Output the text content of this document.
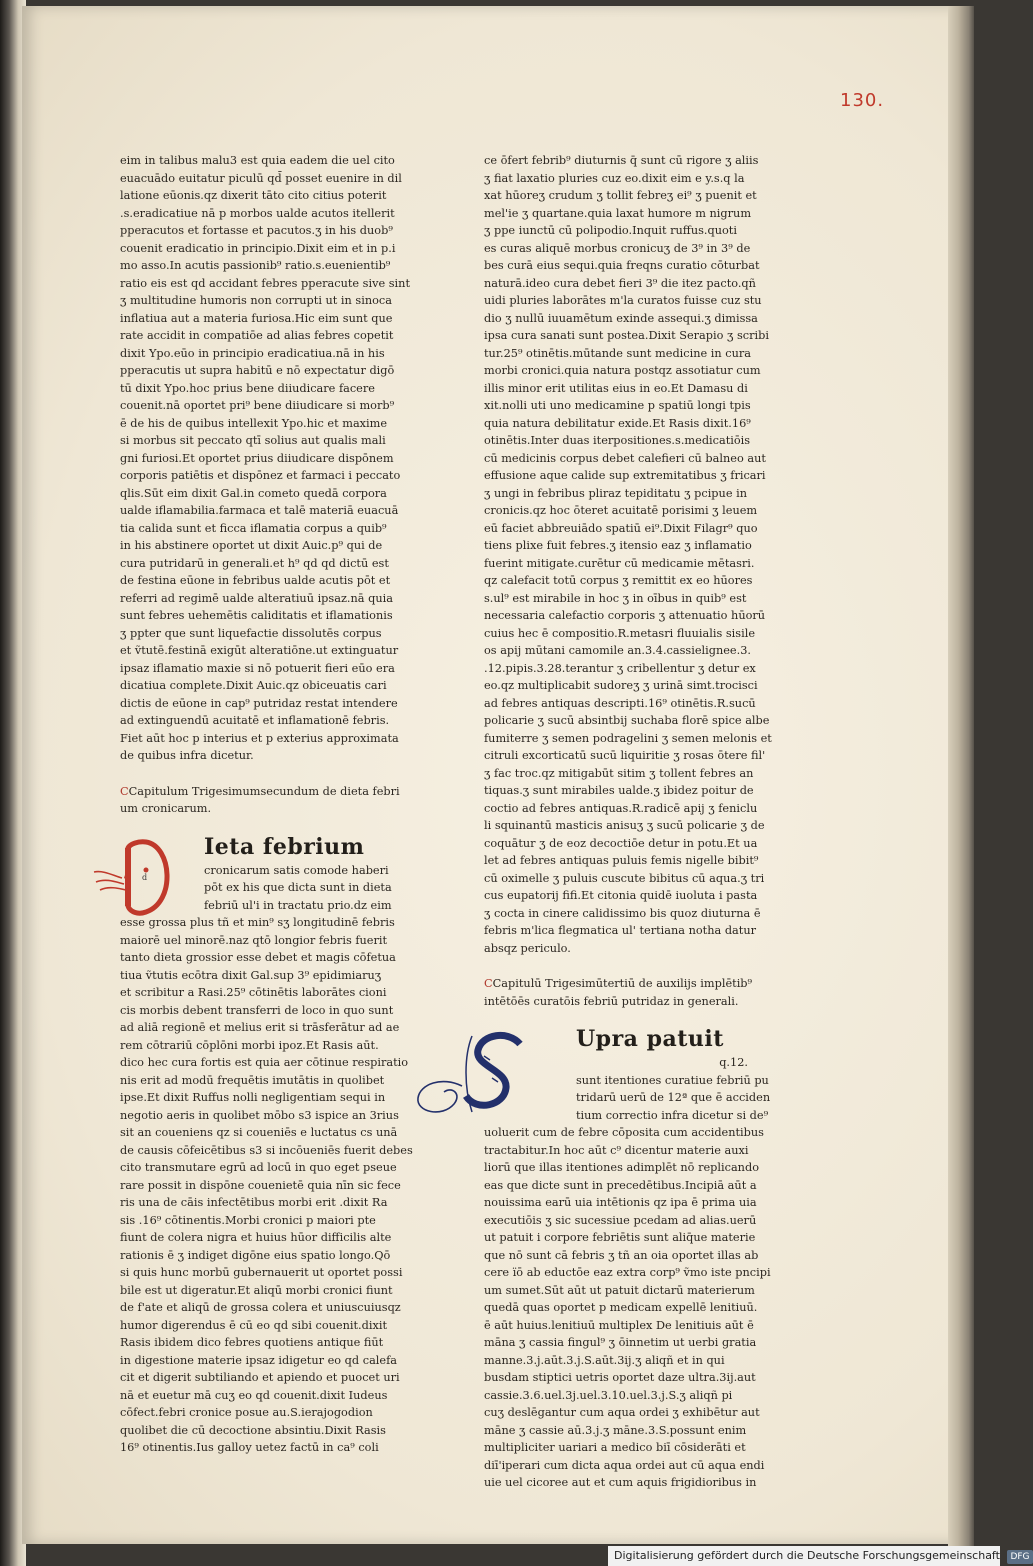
130.
eim in talibus malu3 est quia eadem die uel cito
euacuādo euitatur piculū qd̄ posset euenire in dil
latione eūonis.qz dixerit tāto cito citius poterit
.s.eradicatiue nā p morbos ualde acutos itellerit
pperacutos et fortasse et pacutos.ʒ in his duob⁹
couenit eradicatio in principio.Dixit eim et in p.i
mo asso.In acutis passionib⁹ ratio.s.euenientib⁹
ratio eis est qd accidant febres pperacute sive sint
ʒ multitudine humoris non corrupti ut in sinoca
inflatiua aut a materia furiosa.Hic eim sunt que
rate accidit in compatiōe ad alias febres copetit
dixit Ypo.eūo in principio eradicatiua.nā in his
pperacutis ut supra habitū e nō expectatur digō
tū dixit Ypo.hoc prius bene diiudicare facere
couenit.nā oportet pri⁹ bene diiudicare si morb⁹
ē de his de quibus intellexit Ypo.hic et maxime
si morbus sit peccato qtī solius aut qualis mali
gni furiosi.Et oportet prius diiudicare dispōnem
corporis patiētis et dispōnez et farmaci i peccato
qlis.Sūt eim dixit Gal.in cometo quedā corpora
ualde iflamabilia.farmaca et talē materiā euacuā
tia calida sunt et ficca iflamatia corpus a quib⁹
in his abstinere oportet ut dixit Auic.p⁹ qui de
cura putridarū in generali.et h⁹ qd qd dictū est
de festina eūone in febribus ualde acutis pōt et
referri ad regimē ualde alteratiuū ipsaz.nā quia
sunt febres uehemētis caliditatis et iflamationis
ʒ ppter que sunt liquefactie dissolutēs corpus
et ṽtutē.festinā exigūt alteratiōne.ut extinguatur
ipsaz iflamatio maxie si nō potuerit fieri eūo era
dicatiua complete.Dixit Auic.qz obiceuatis cari
dictis de eūone in cap⁹ putridaz restat intendere
ad extinguendū acuitatē et inflamationē febris.
Fiet aūt hoc p interius et p exterius approximata
de quibus infra dicetur.
CCapitulum Trigesimumsecundum de dieta febri
um cronicarum.
d
Ieta febrium
cronicarum satis comode haberi
pōt ex his que dicta sunt in dieta
febriū ul'i in tractatu prio.dz eim
esse grossa plus tñ et min⁹ sʒ longitudinē febris
maiorē uel minorē.naz qtō longior febris fuerit
tanto dieta grossior esse debet et magis cōfetua
tiua ṽtutis ecōtra dixit Gal.sup 3⁹ epidimiaruʒ
et scribitur a Rasi.25⁹ cōtinētis laborātes cioni
cis morbis debent transferri de loco in quo sunt
ad aliā regionē et melius erit si trāsferātur ad ae
rem cōtrariū cōplōni morbi ipoz.Et Rasis aūt.
dico hec cura fortis est quia aer cōtinue respiratio
nis erit ad modū frequētis imutātis in quolibet
ipse.Et dixit Ruffus nolli negligentiam sequi in
negotio aeris in quolibet mōbo s3 ispice an 3rius
sit an coueniens qz si coueniēs e luctatus cs unā
de causis cōfeicētibus s3 si incōueniēs fuerit debes
cito transmutare egrū ad locū in quo eget pseue
rare possit in dispōne couenietē quia nīn sic fece
ris una de cāis infectētibus morbi erit .dixit Ra
sis .16⁹ cōtinentis.Morbi cronici p maiori pte
fiunt de colera nigra et huius hūor difficilis alte
rationis ē ʒ indiget digōne eius spatio longo.Qō
si quis hunc morbū gubernauerit ut oportet possi
bile est ut digeratur.Et aliqū morbi cronici fiunt
de f'ate et aliqū de grossa colera et uniuscuiusqz
humor digerendus ē cū eo qd sibi couenit.dixit
Rasis ibidem dico febres quotiens antique fiūt
in digestione materie ipsaz idigetur eo qd calefa
cit et digerit subtiliando et apiendo et puocet uri
nā et euetur mā cuʒ eo qd couenit.dixit Iudeus
cōfect.febri cronice posue au.S.ierajogodion
quolibet die cū decoctione absintiu.Dixit Rasis
16⁹ otinentis.Ius galloy uetez factū in ca⁹ coli
ce ōfert febrib⁹ diuturnis q̄ sunt cū rigore ʒ aliis
ʒ fiat laxatio pluries cuz eo.dixit eim e y.s.q la
xat hūoreʒ crudum ʒ tollit febreʒ ei⁹ ʒ puenit et
mel'ie ʒ quartane.quia laxat humore m nigrum
ʒ ppe iunctū cū polipodio.Inquit ruffus.quoti
es curas aliquē morbus cronicuʒ de 3⁹ in 3⁹ de
bes curā eius sequi.quia freqns curatio cōturbat
naturā.ideo cura debet fieri 3⁹ die itez pacto.qñ
uidi pluries laborātes m'la curatos fuisse cuz stu
dio ʒ nullū iuuamētum exinde assequi.ʒ dimissa
ipsa cura sanati sunt postea.Dixit Serapio ʒ scribi
tur.25⁹ otinētis.mūtande sunt medicine in cura
morbi cronici.quia natura postqz assotiatur cum
illis minor erit utilitas eius in eo.Et Damasu di
xit.nolli uti uno medicamine p spatiū longi tpis
quia natura debilitatur exide.Et Rasis dixit.16⁹
otinētis.Inter duas iterpositiones.s.medicatiōis
cū medicinis corpus debet calefieri cū balneo aut
effusione aque calide sup extremitatibus ʒ fricari
ʒ ungi in febribus pliraz tepiditatu ʒ pcipue in
cronicis.qz hoc ōteret acuitatē porisimi ʒ leuem
eū faciet abbreuiādo spatiū ei⁹.Dixit Filagr⁹ quo
tiens plixe fuit febres.ʒ itensio eaz ʒ inflamatio
fuerint mitigate.curētur cū medicamie mētasri.
qz calefacit totū corpus ʒ remittit ex eo hūores
s.ul⁹ est mirabile in hoc ʒ in oībus in quib⁹ est
necessaria calefactio corporis ʒ attenuatio hūorū
cuius hec ē compositio.R.metasri fluuialis sisile
os apij mūtani camomile an.3.4.cassielignee.3.
.12.pipis.3.28.terantur ʒ cribellentur ʒ detur ex
eo.qz multiplicabit sudoreʒ ʒ urinā simt.trocisci
ad febres antiquas descripti.16⁹ otinētis.R.sucū
policarie ʒ sucū absintbij suchaba florē spice albe
fumiterre ʒ semen podragelini ʒ semen melonis et
citruli excorticatū sucū liquiritie ʒ rosas ōtere fil'
ʒ fac troc.qz mitigabūt sitim ʒ tollent febres an
tiquas.ʒ sunt mirabiles ualde.ʒ ibidez poitur de
coctio ad febres antiquas.R.radicē apij ʒ feniclu
li squinantū masticis anisuʒ ʒ sucū policarie ʒ de
coquātur ʒ de eoz decoctiōe detur in potu.Et ua
let ad febres antiquas puluis femis nigelle bibit⁹
cū oximelle ʒ puluis cuscute bibitus cū aqua.ʒ tri
cus eupatorij fifi.Et citonia quidē iuoluta i pasta
ʒ cocta in cinere calidissimo bis quoz diuturna ē
febris m'lica flegmatica ul' tertiana notha datur
absqz periculo.
CCapitulū Trigesimūtertiū de auxilijs implētib⁹
intētōēs curatōis febriū putridaz in generali.
Upra patuit
q.12.
sunt itentiones curatiue febriū pu
tridarū uerū de 12ª que ē acciden
tium correctio infra dicetur si de⁹
uoluerit cum de febre cōposita cum accidentibus
tractabitur.In hoc aūt c⁹ dicentur materie auxi
liorū que illas itentiones adimplēt nō replicando
eas que dicte sunt in precedētibus.Incipiā aūt a
nouissima earū uia intētionis qz ipa ē prima uia
executiōis ʒ sic sucessiue pcedam ad alias.uerū
ut patuit i corpore febriētis sunt aliq̄ue materie
que nō sunt cā febris ʒ tñ an oia oportet illas ab
cere ïō ab eductōe eaz extra corp⁹ ṽmo iste pncipi
um sumet.Sūt aūt ut patuit dictarū materierum
quedā quas oportet p medicam expellē lenitiuū.
ē aūt huius.lenitiuū multiplex De lenitiuis aūt ē
māna ʒ cassia fingul⁹ ʒ ōinnetim ut uerbi gratia
manne.3.j.aūt.3.j.S.aūt.3ij.ʒ aliqñ et in qui
busdam stiptici uetris oportet daze ultra.3ij.aut
cassie.3.6.uel.3j.uel.3.10.uel.3.j.S.ʒ aliqñ pi
cuʒ deslēgantur cum aqua ordei ʒ exhibētur aut
māne ʒ cassie aū.3.j.ʒ māne.3.S.possunt enim
multipliciter uariari a medico biī cōsiderāti et
diī'iperari cum dicta aqua ordei aut cū aqua endi
uie uel cicoree aut et cum aquis frigidioribus in
Digitalisierung gefördert durch die Deutsche Forschungsgemeinschaft DFG
